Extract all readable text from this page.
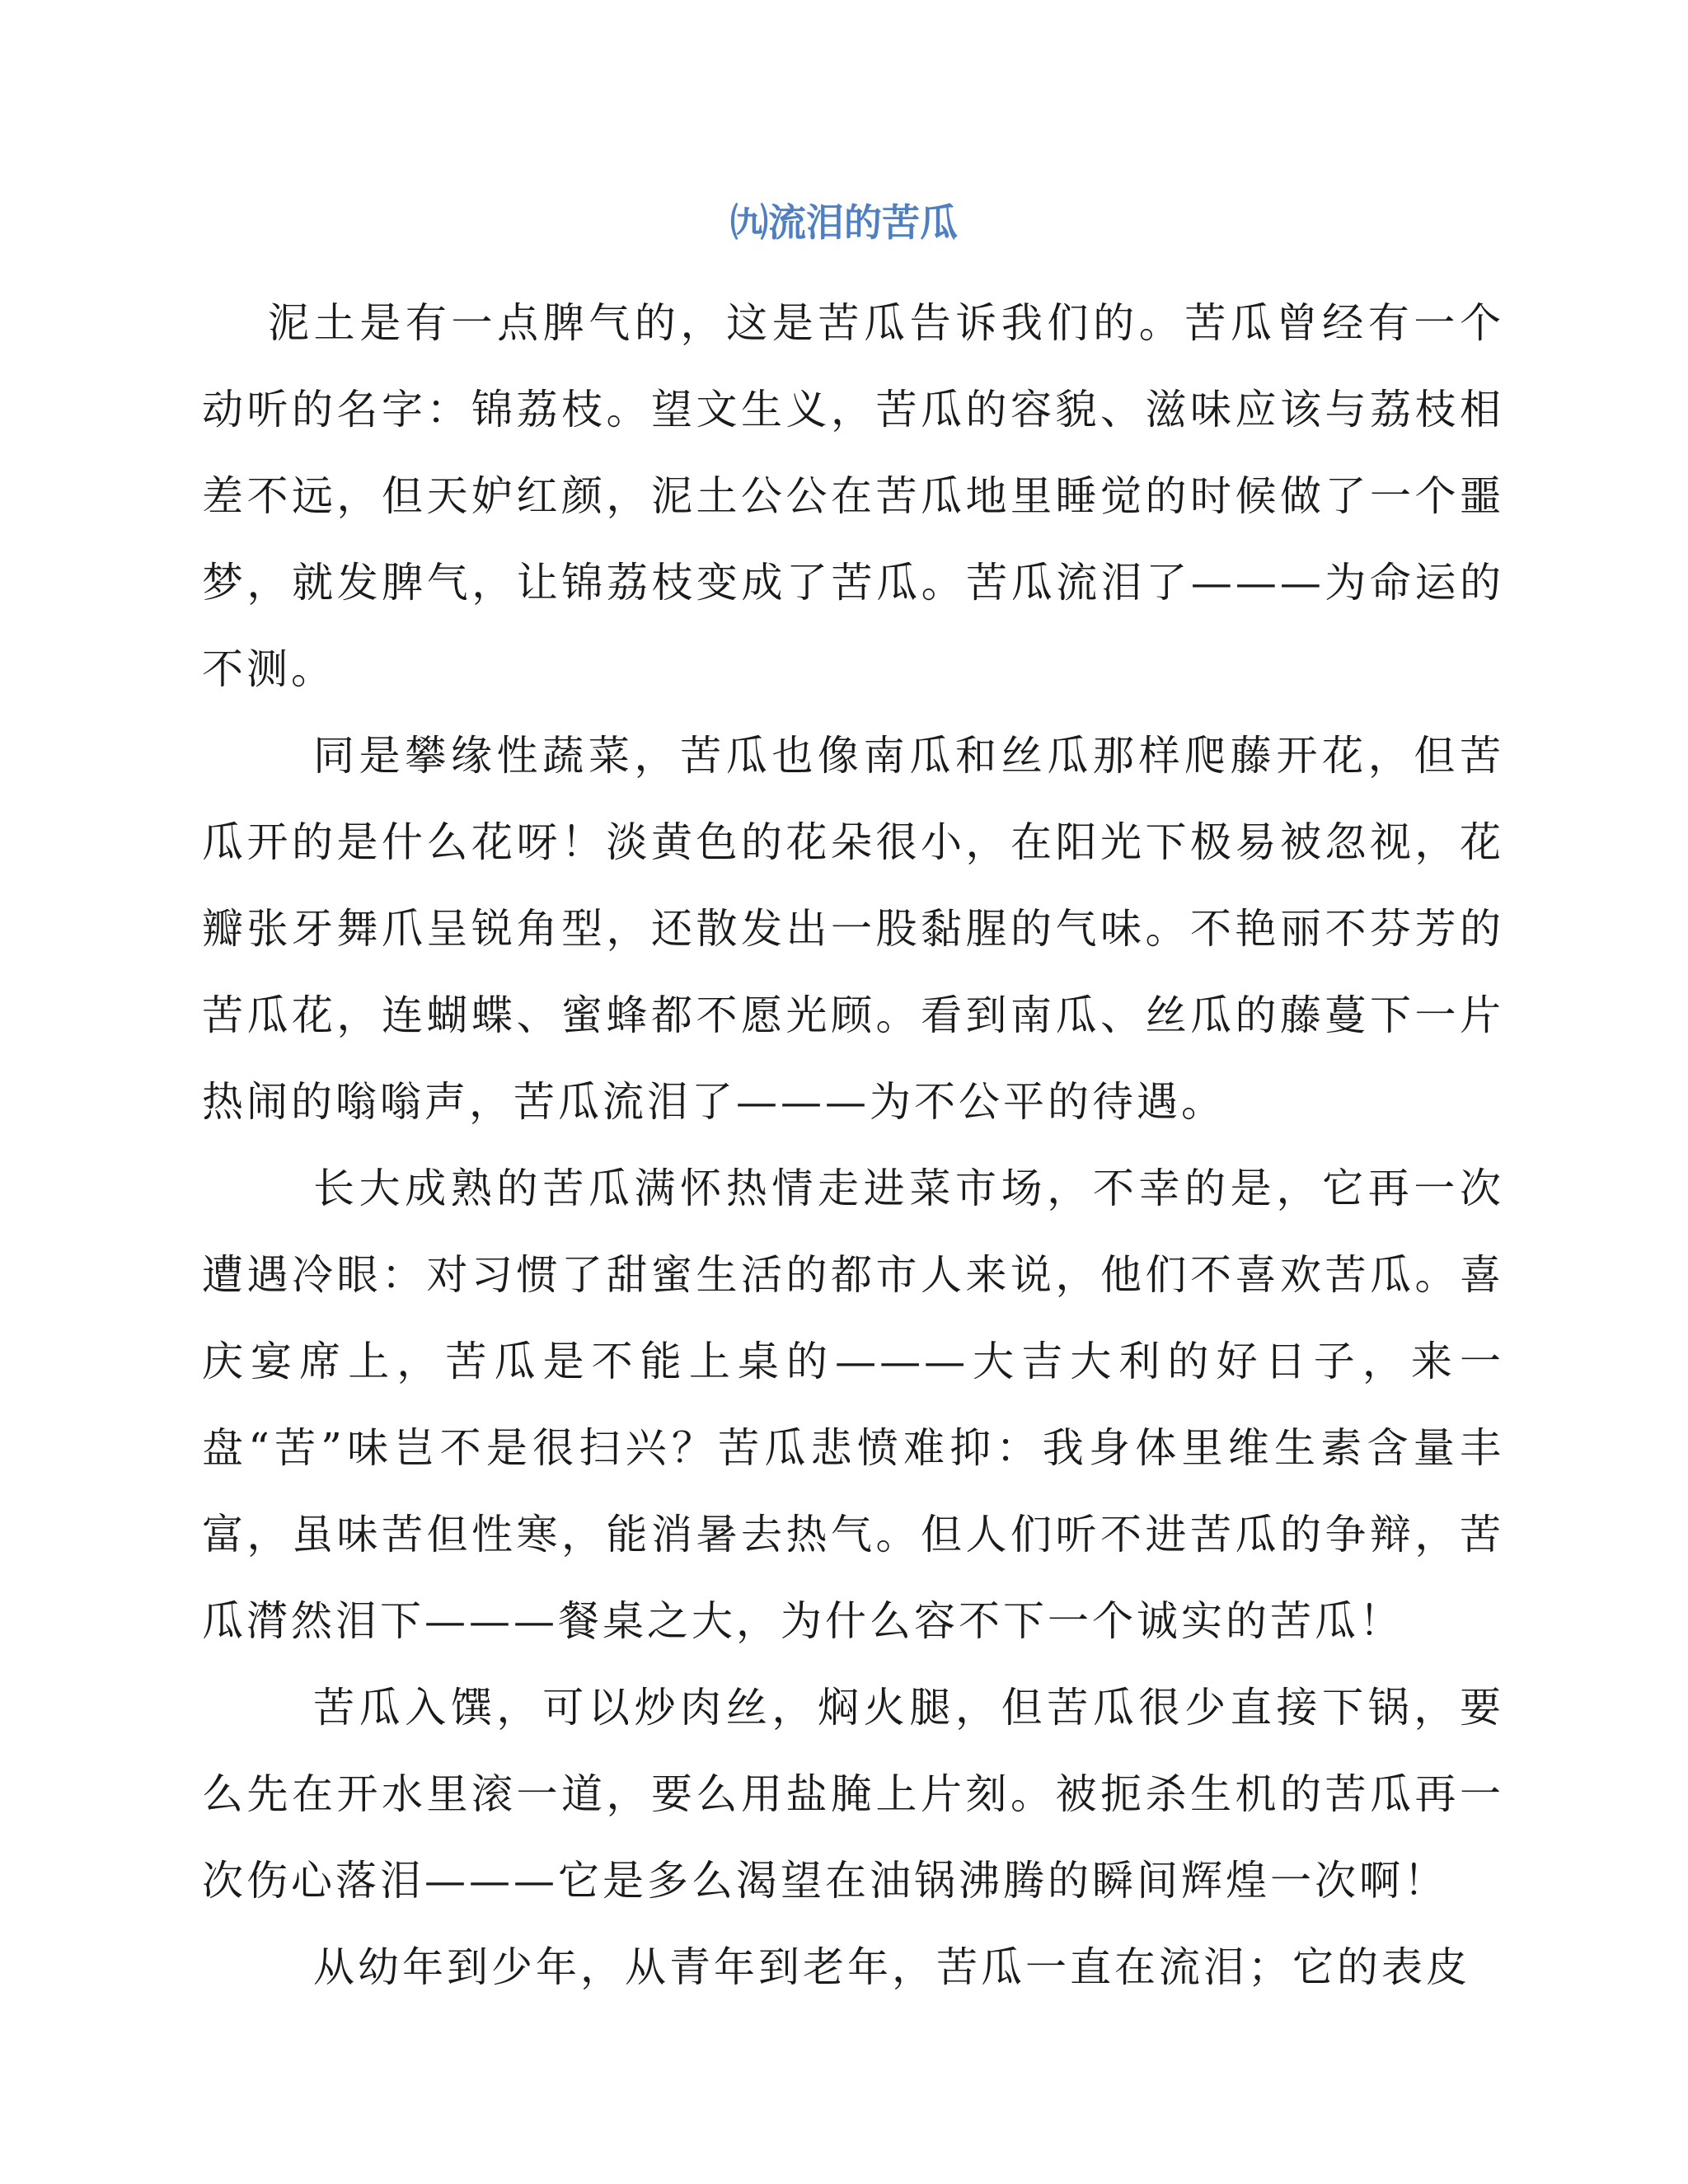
㈨流泪的苦瓜

泥土是有一点脾气的，这是苦瓜告诉我们的。苦瓜曾经有一个动听的名字：锦荔枝。望文生义，苦瓜的容貌、滋味应该与荔枝相差不远，但天妒红颜，泥土公公在苦瓜地里睡觉的时候做了一个噩梦，就发脾气，让锦荔枝变成了苦瓜。苦瓜流泪了———为命运的不测。

同是攀缘性蔬菜，苦瓜也像南瓜和丝瓜那样爬藤开花，但苦瓜开的是什么花呀！淡黄色的花朵很小，在阳光下极易被忽视，花瓣张牙舞爪呈锐角型，还散发出一股黏腥的气味。不艳丽不芬芳的苦瓜花，连蝴蝶、蜜蜂都不愿光顾。看到南瓜、丝瓜的藤蔓下一片热闹的嗡嗡声，苦瓜流泪了———为不公平的待遇。

长大成熟的苦瓜满怀热情走进菜市场，不幸的是，它再一次遭遇冷眼：对习惯了甜蜜生活的都市人来说，他们不喜欢苦瓜。喜庆宴席上，苦瓜是不能上桌的———大吉大利的好日子，来一盘“苦”味岂不是很扫兴？苦瓜悲愤难抑：我身体里维生素含量丰富，虽味苦但性寒，能消暑去热气。但人们听不进苦瓜的争辩，苦瓜潸然泪下———餐桌之大，为什么容不下一个诚实的苦瓜！

苦瓜入馔，可以炒肉丝，焖火腿，但苦瓜很少直接下锅，要么先在开水里滚一道，要么用盐腌上片刻。被扼杀生机的苦瓜再一次伤心落泪———它是多么渴望在油锅沸腾的瞬间辉煌一次啊！

从幼年到少年，从青年到老年，苦瓜一直在流泪；它的表皮
